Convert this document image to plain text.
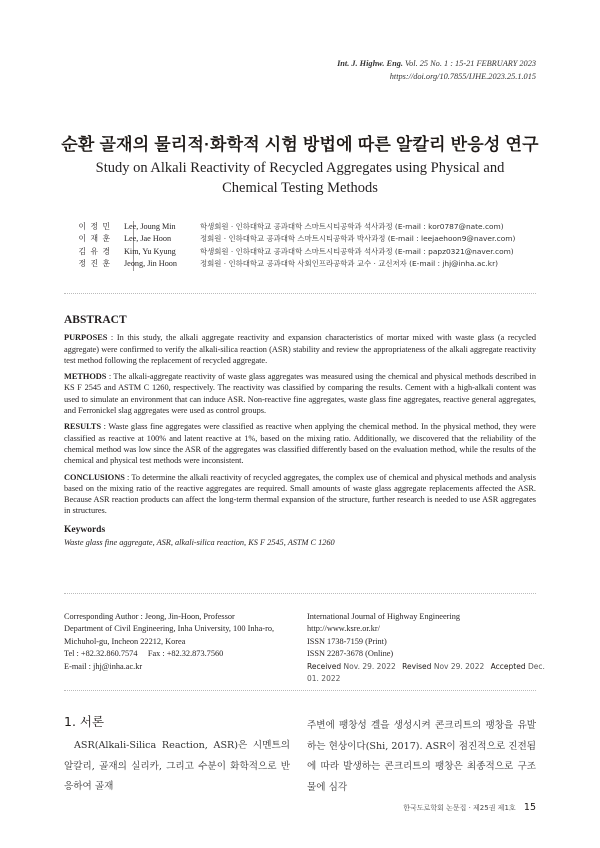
Int. J. Highw. Eng. Vol. 25 No. 1 : 15-21 FEBRUARY 2023
https://doi.org/10.7855/IJHE.2023.25.1.015
순환 골재의 물리적·화학적 시험 방법에 따른 알칼리 반응성 연구
Study on Alkali Reactivity of Recycled Aggregates using Physical and
Chemical Testing Methods
이 정 민	Lee, Joung Min	학생회원 · 인하대학교 공과대학 스마트시티공학과 석사과정 (E-mail : kor0787@nate.com)
이 재 훈	Lee, Jae Hoon	정회원 · 인하대학교 공과대학 스마트시티공학과 박사과정 (E-mail : leejaehoon9@naver.com)
김 유 경	Kim, Yu Kyung	학생회원 · 인하대학교 공과대학 스마트시티공학과 석사과정 (E-mail : papz0321@naver.com)
정 진 훈	Jeong, Jin Hoon	정회원 · 인하대학교 공과대학 사회인프라공학과 교수 · 교신저자 (E-mail : jhj@inha.ac.kr)
ABSTRACT

PURPOSES : In this study, the alkali aggregate reactivity and expansion characteristics of mortar mixed with waste glass (a recycled aggregate) were confirmed to verify the alkali-silica reaction (ASR) stability and review the appropriateness of the alkali aggregate reactivity test method following the replacement of recycled aggregate.

METHODS : The alkali-aggregate reactivity of waste glass aggregates was measured using the chemical and physical methods described in KS F 2545 and ASTM C 1260, respectively. The reactivity was classified by comparing the results. Cement with a high-alkali content was used to simulate an environment that can induce ASR. Non-reactive fine aggregates, waste glass fine aggregates, reactive general aggregates, and Ferronickel slag aggregates were used as control groups.

RESULTS : Waste glass fine aggregates were classified as reactive when applying the chemical method. In the physical method, they were classified as reactive at 100% and latent reactive at 1%, based on the mixing ratio. Additionally, we discovered that the reliability of the chemical method was low since the ASR of the aggregates was classified differently based on the evaluation method, while the results of the chemical and physical test methods were inconsistent.

CONCLUSIONS : To determine the alkali reactivity of recycled aggregates, the complex use of chemical and physical methods and analysis based on the mixing ratio of the reactive aggregates are required. Small amounts of waste glass aggregate replacements affected the ASR. Because ASR reaction products can affect the long-term thermal expansion of the structure, further research is needed to use ASR aggregates in structures.

Keywords
Waste glass fine aggregate, ASR, alkali-silica reaction, KS F 2545, ASTM C 1260
Corresponding Author : Jeong, Jin-Hoon, Professor
Department of Civil Engineering, Inha University, 100 Inha-ro,
Michuhol-gu, Incheon 22212, Korea
Tel : +82.32.860.7574     Fax : +82.32.873.7560
E-mail : jhj@inha.ac.kr
International Journal of Highway Engineering
http://www.ksre.or.kr/
ISSN 1738-7159 (Print)
ISSN 2287-3678 (Online)
Received Nov. 29. 2022 Revised Nov 29. 2022 Accepted Dec. 01. 2022
1. 서론
ASR(Alkali-Silica Reaction, ASR)은 시멘트의 알칼리, 골재의 실리카, 그리고 수분이 화학적으로 반응하여 골재
주변에 팽창성 겔을 생성시켜 콘크리트의 팽창을 유발하는 현상이다(Shi, 2017). ASR이 점진적으로 진전됨에 따라 발생하는 콘크리트의 팽창은 최종적으로 구조물에 심각
한국도로학회 논문집 · 제25권 제1호 15
